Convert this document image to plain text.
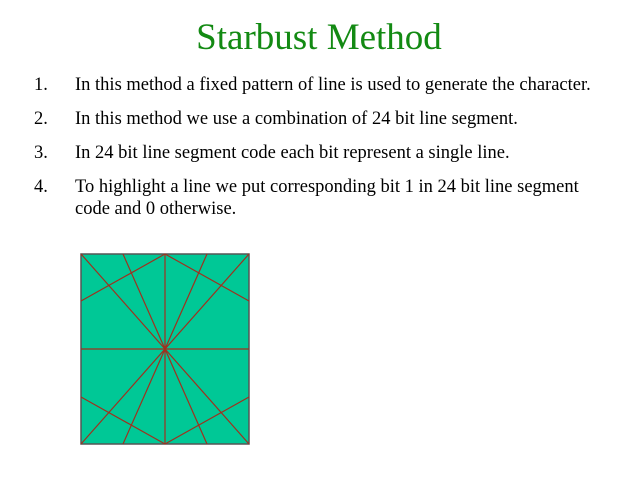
Starbust Method
1.	In this method a fixed pattern of line is used to generate the character.
2.	In this method we use a combination of 24 bit line segment.
3.	In 24 bit line segment code each bit represent a single line.
4.	To highlight a line we put corresponding bit 1 in 24 bit line segment code and 0 otherwise.
